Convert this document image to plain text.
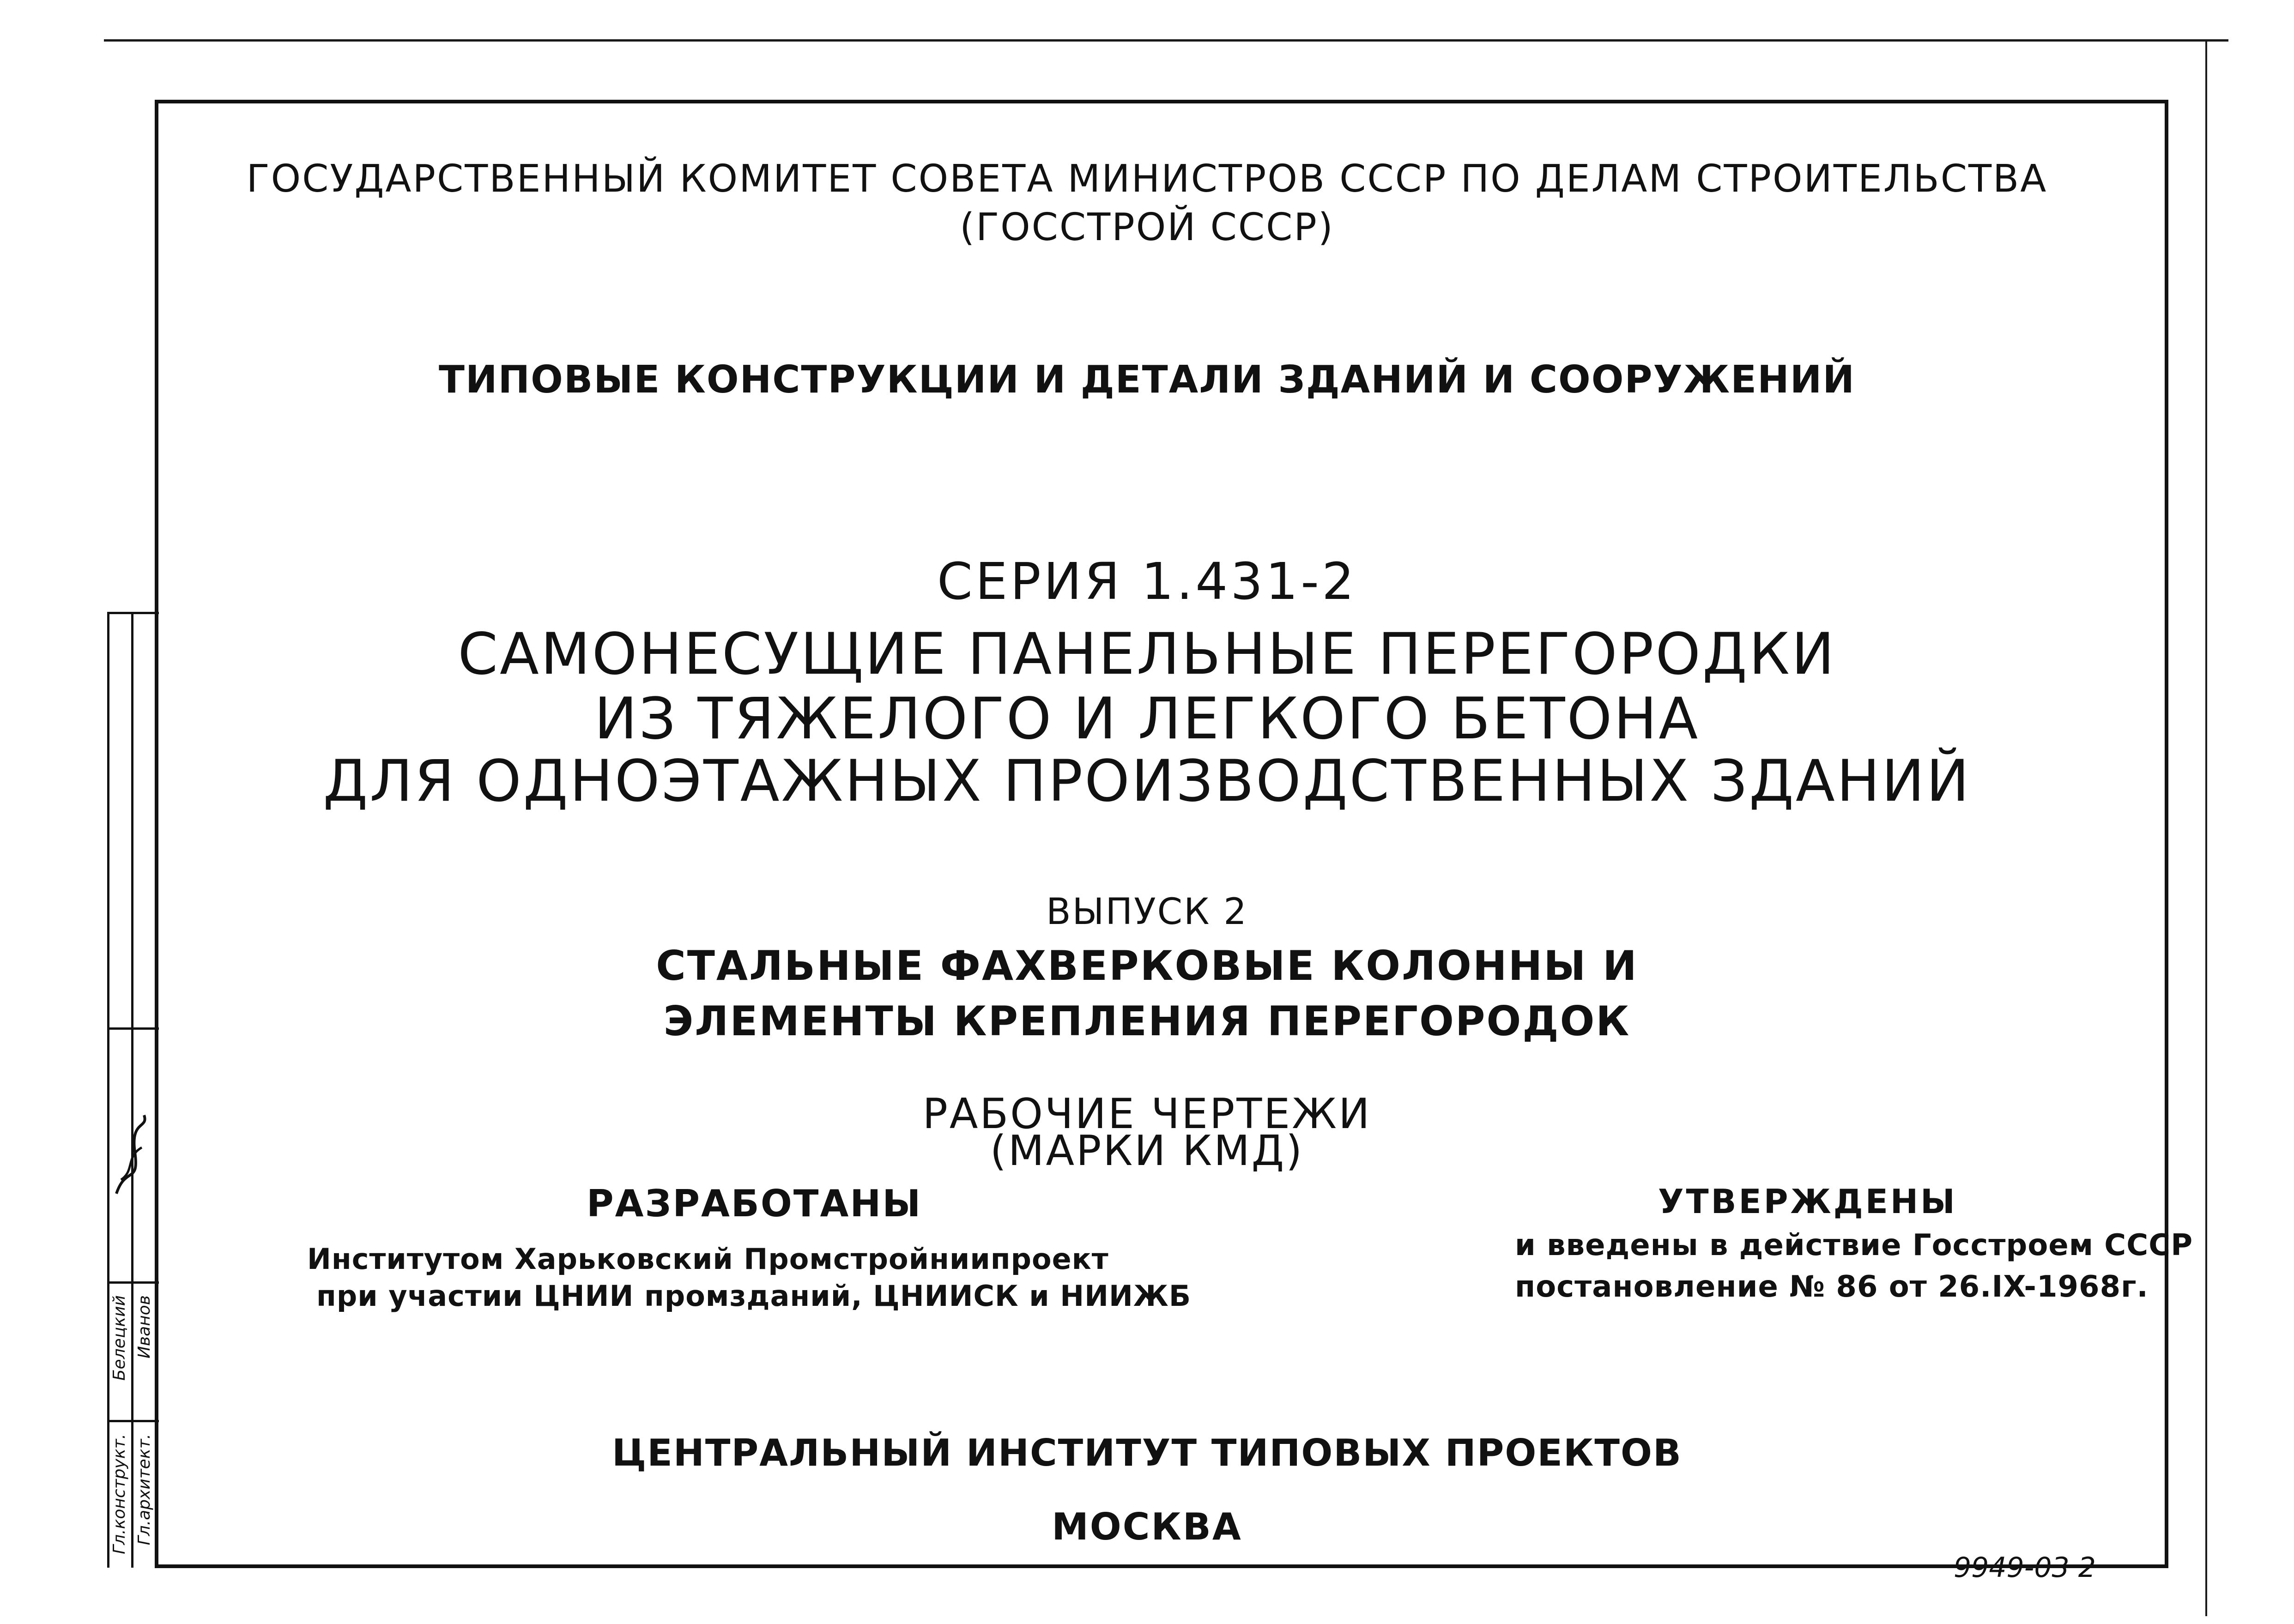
ГОСУДАРСТВЕННЫЙ КОМИТЕТ СОВЕТА МИНИСТРОВ СССР ПО ДЕЛАМ СТРОИТЕЛЬСТВА
(ГОССТРОЙ СССР)
ТИПОВЫЕ КОНСТРУКЦИИ И ДЕТАЛИ ЗДАНИЙ И СООРУЖЕНИЙ
СЕРИЯ 1.431-2
САМОНЕСУЩИЕ ПАНЕЛЬНЫЕ ПЕРЕГОРОДКИ
ИЗ ТЯЖЕЛОГО И ЛЕГКОГО БЕТОНА
ДЛЯ ОДНОЭТАЖНЫХ ПРОИЗВОДСТВЕННЫХ ЗДАНИЙ
ВЫПУСК 2
СТАЛЬНЫЕ ФАХВЕРКОВЫЕ КОЛОННЫ И
ЭЛЕМЕНТЫ КРЕПЛЕНИЯ ПЕРЕГОРОДОК
РАБОЧИЕ ЧЕРТЕЖИ
(МАРКИ КМД)
РАЗРАБОТАНЫ
Институтом Харьковский Промстройниипроект
при участии ЦНИИ промзданий, ЦНИИСК и НИИЖБ
УТВЕРЖДЕНЫ
и введены в действие Госстроем СССР
постановление № 86 от 26.IX-1968г.
ЦЕНТРАЛЬНЫЙ ИНСТИТУТ ТИПОВЫХ ПРОЕКТОВ
МОСКВА
9949-03 2
Гл.конструкт.
Белецкий
Гл.архитект.
Иванов
